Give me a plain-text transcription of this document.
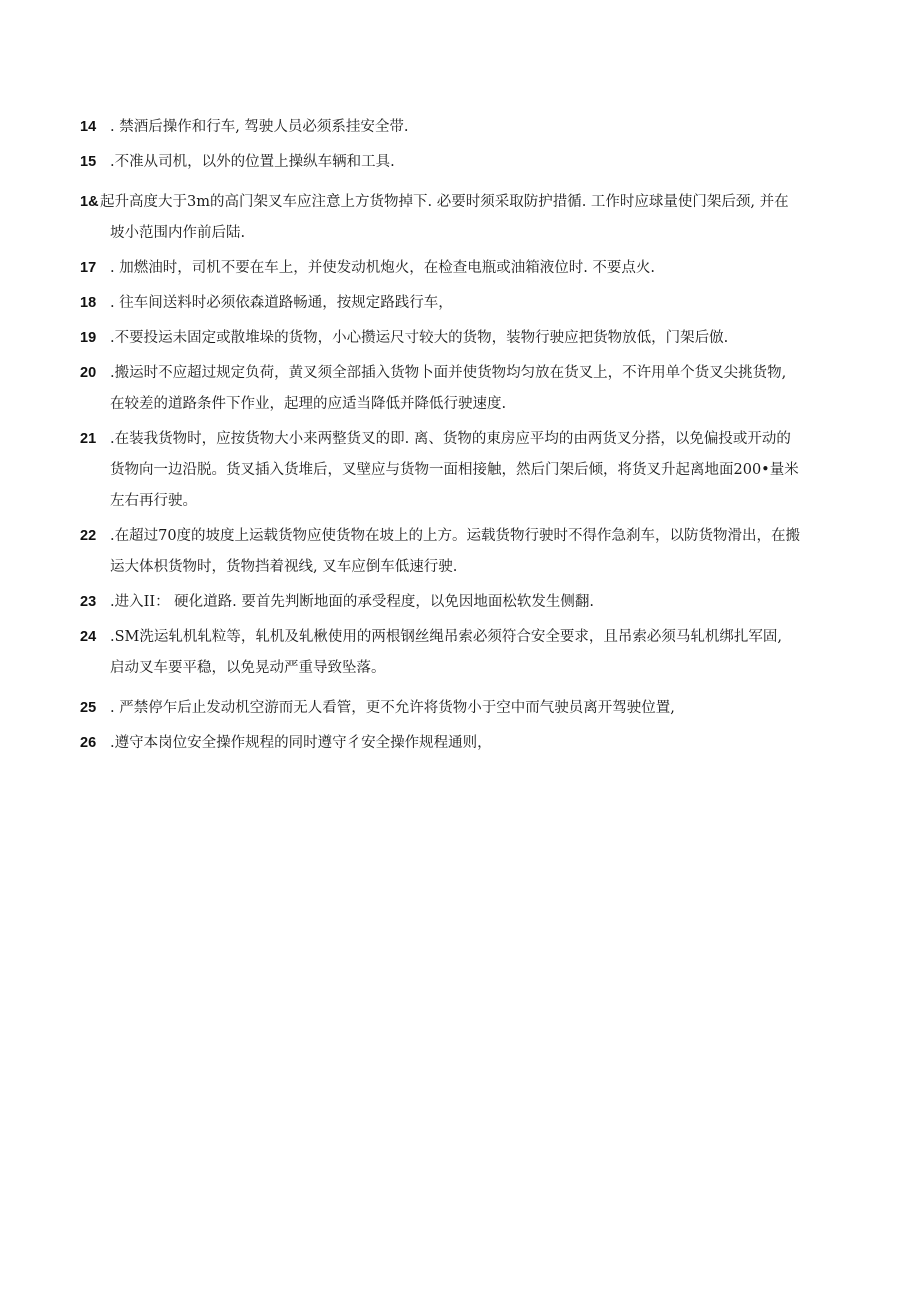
14 . 禁酒后操作和行车, 驾驶人员必须系挂安全带.
15 .不准从司机，以外的位置上操纵车辆和工具.
1& 起升高度大于3m的高门架叉车应注意上方货物掉下. 必要时须采取防护措循. 工作时应球量使门架后颈, 并在
坡小范围内作前后陆.
17 . 加燃油时，司机不要在车上，并使发动机炮火，在检查电瓶或油箱液位时. 不要点火.
18 . 往车间送料时必须依森道路畅通，按规定路践行车，
19 .不要投运未固定或散堆垛的货物，小心攒运尺寸较大的货物，装物行驶应把货物放低，门架后倣.
20 .搬运时不应超过规定负荷，黄叉须全部插入货物卜面并使货物均匀放在货叉上，不许用单个货叉尖挑货物,
在较差的道路条件下作业，起理的应适当降低并降低行驶速度.
21 .在装我货物时，应按货物大小来两整货叉的即. 离、货物的東房应平均的由两货叉分搭，以免偏投或开动的
货物向一边沿脱。货叉插入货堆后，叉壁应与货物一面相接触，然后门架后倾，将货叉升起离地面200•量米
左右再行驶。
22 .在超过70度的坡度上运载货物应使货物在坡上的上方。运载货物行驶时不得作急刹车，以防货物滑出，在搬
运大体枳货物时，货物挡着视线, 叉车应倒车低速行驶.
23 .进入II： 硬化道路. 要首先判断地面的承受程度，以免因地面松软发生侧翻.
24 .SM洗运轧机轧粒等，轧机及轧楸使用的两根钢丝绳吊索必须符合安全要求，且吊索必须马轧机绑扎军固,
启动叉车要平稳，以免晃动严重导致坠落。
25 . 严禁停乍后止发动机空游而无人看管，更不允许将货物小于空中而气驶员离开驾驶位置,
26 .遵守本岗位安全操作规程的同时遵守彳安全操作规程通则，
